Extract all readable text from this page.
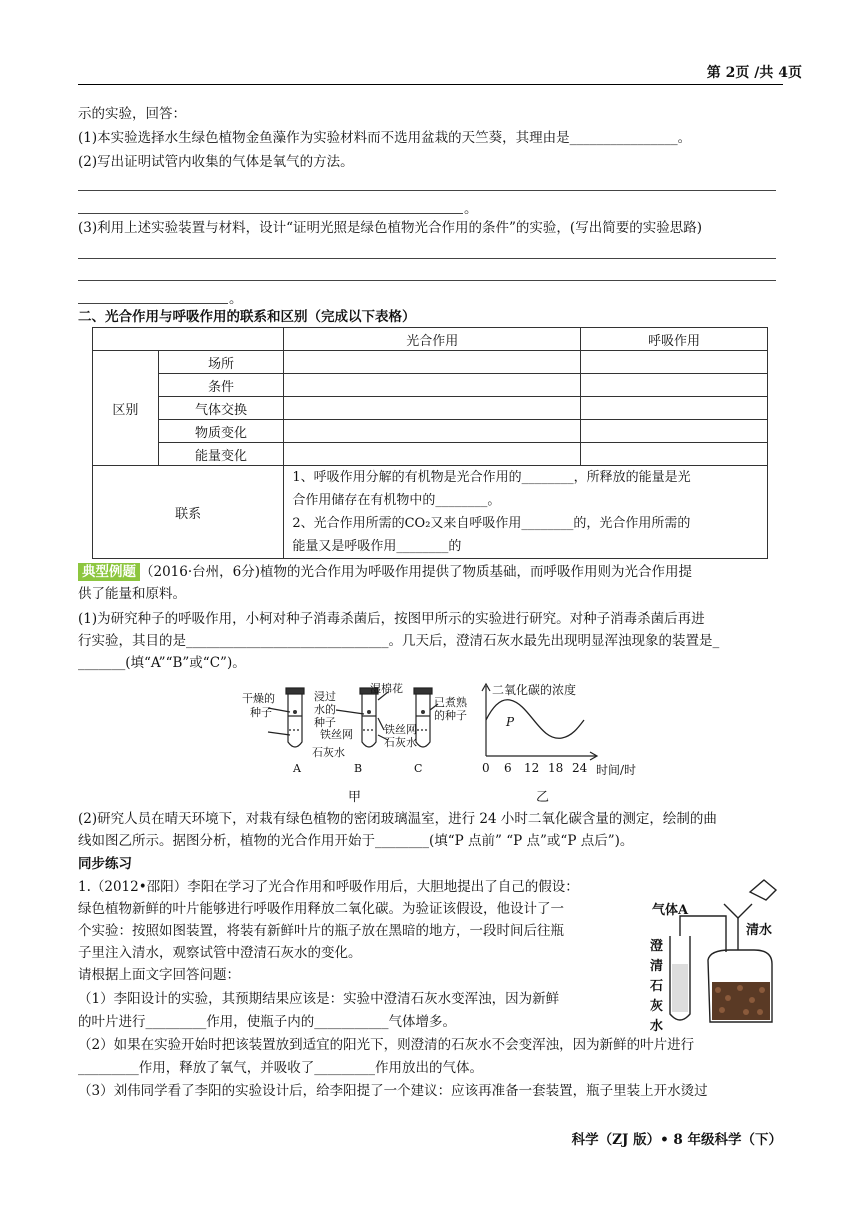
第 2页 /共 4页
示的实验，回答：
(1)本实验选择水生绿色植物金鱼藻作为实验材料而不选用盆栽的天竺葵，其理由是________________。
(2)写出证明试管内收集的气体是氧气的方法。
。
(3)利用上述实验装置与材料，设计“证明光照是绿色植物光合作用的条件”的实验，(写出简要的实验思路)
。
二、光合作用与呼吸作用的联系和区别（完成以下表格）
		光合作用	呼吸作用
区别	场所		
	条件		
	气体交换		
	物质变化		
	能量变化		
联系		1、呼吸作用分解的有机物是光合作用的________，所释放的能量是光
合作用储存在有机物中的________。
2、光合作用所需的CO₂又来自呼吸作用________的，光合作用所需的
能量又是呼吸作用________的	
典型例题 （2016·台州，6分)植物的光合作用为呼吸作用提供了物质基础，而呼吸作用则为光合作用提
供了能量和原料。
(1)为研究种子的呼吸作用，小柯对种子消毒杀菌后，按图甲所示的实验进行研究。对种子消毒杀菌后再进
行实验，其目的是______________________________。几天后，澄清石灰水最先出现明显浑浊现象的装置是_
_______(填“A”“B”或“C”)。
干燥的
种子
浸过
水的
种子
湿棉花
已煮熟
的种子
铁丝网	铁丝网
石灰水
石灰水
A	B	C
甲
二氧化碳的浓度
P
0 6 12 18 24 时间/时
乙
(2)研究人员在晴天环境下，对栽有绿色植物的密闭玻璃温室，进行 24 小时二氧化碳含量的测定，绘制的曲
线如图乙所示。据图分析，植物的光合作用开始于________(填“P 点前” “P 点”或“P 点后”)。
同步练习
1.（2012•邵阳）李阳在学习了光合作用和呼吸作用后，大胆地提出了自己的假设：
绿色植物新鲜的叶片能够进行呼吸作用释放二氧化碳。为验证该假设，他设计了一
个实验：按照如图装置，将装有新鲜叶片的瓶子放在黑暗的地方，一段时间后往瓶
子里注入清水，观察试管中澄清石灰水的变化。
请根据上面文字回答问题：
（1）李阳设计的实验，其预期结果应该是：实验中澄清石灰水变浑浊，因为新鲜
的叶片进行_________作用，使瓶子内的___________气体增多。
（2）如果在实验开始时把该装置放到适宜的阳光下，则澄清的石灰水不会变浑浊，因为新鲜的叶片进行
_________作用，释放了氧气，并吸收了_________作用放出的气体。
（3）刘伟同学看了李阳的实验设计后，给李阳提了一个建议：应该再准备一套装置，瓶子里装上开水烫过
气体A
清水
澄
清
石
灰
水
科学（ZJ 版）• 8 年级科学（下）
